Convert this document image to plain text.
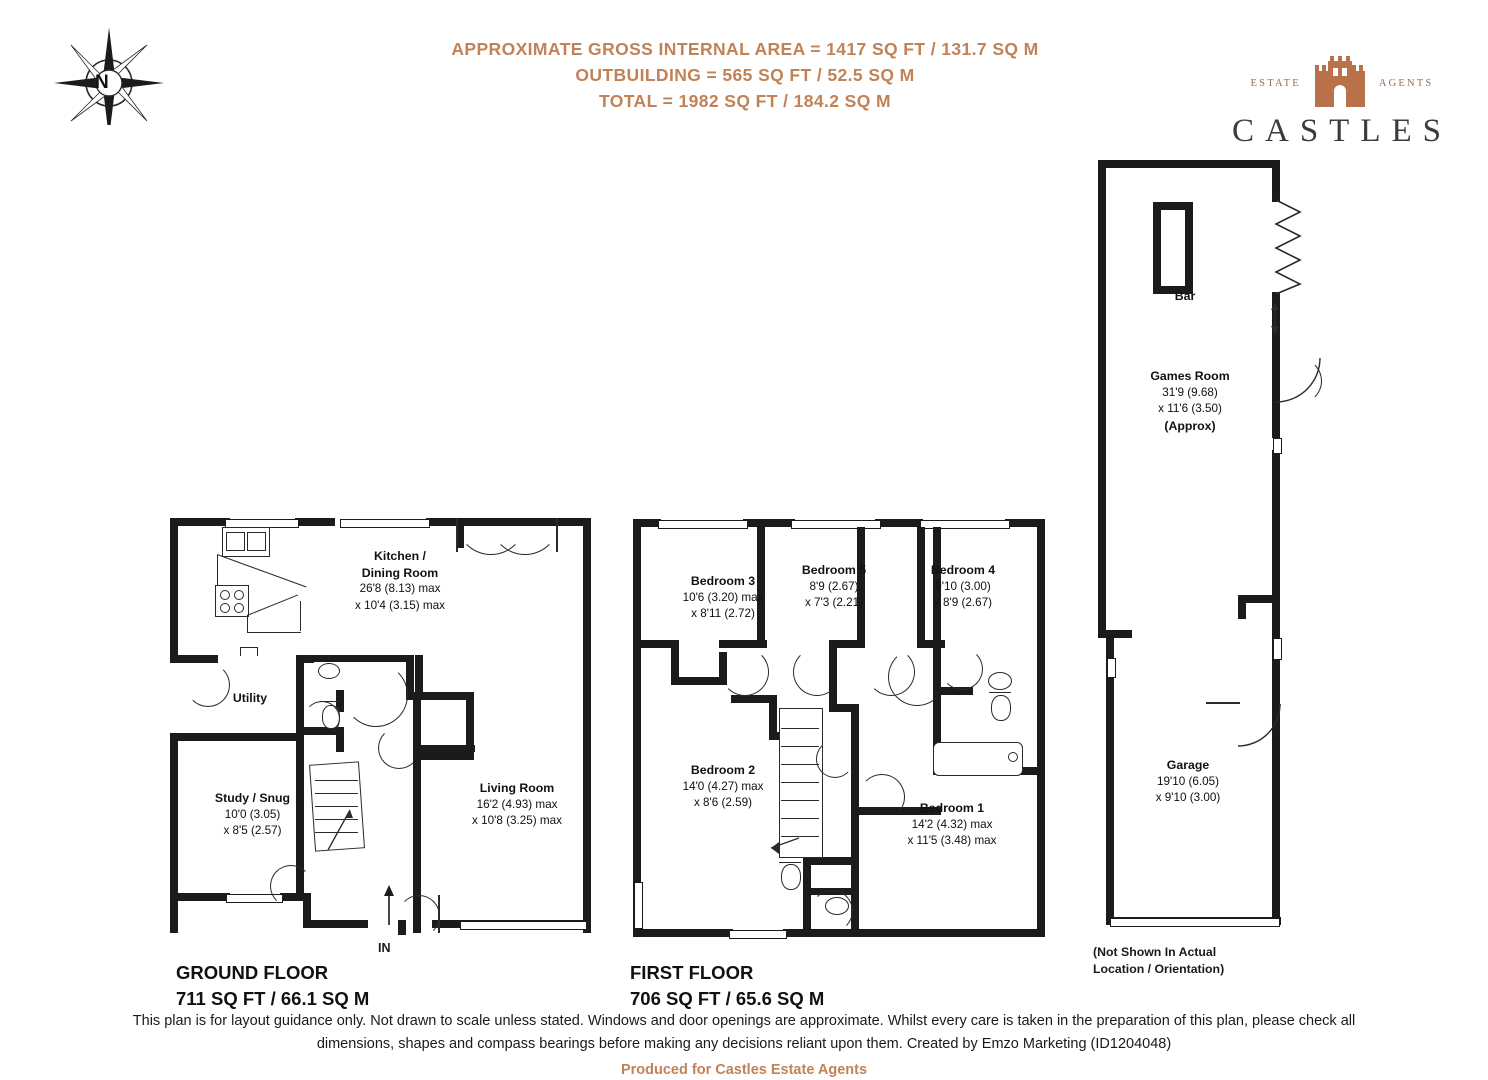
APPROXIMATE GROSS INTERNAL AREA = 1417 SQ FT / 131.7 SQ M
OUTBUILDING = 565 SQ FT / 52.5 SQ M
TOTAL = 1982 SQ FT / 184.2 SQ M
N	ESTATE	AGENTS
CASTLES
IN
Kitchen /
Dining Room
26'8 (8.13) max
x 10'4 (3.15) max
Utility
Study / Snug
10'0 (3.05)
x 8'5 (2.57)
Living Room
16'2 (4.93) max
x 10'8 (3.25) max
GROUND FLOOR
711 SQ FT / 66.1 SQ M
Bedroom 3
10'6 (3.20) max
x 8'11 (2.72)
Bedroom 5
8'9 (2.67)
x 7'3 (2.21)
Bedroom 4
9'10 (3.00)
x 8'9 (2.67)
Bedroom 2
14'0 (4.27) max
x 8'6 (2.59)	Bedroom 1
14'2 (4.32) max
x 11'5 (3.48) max
FIRST FLOOR
706 SQ FT / 65.6 SQ M
Bar
Games Room
31'9 (9.68)
x 11'6 (3.50)
(Approx)
Garage
19'10 (6.05)
x 9'10 (3.00)
(Not Shown In Actual
Location / Orientation)
This plan is for layout guidance only. Not drawn to scale unless stated. Windows and door openings are approximate. Whilst every care is taken in the preparation of this plan, please check all dimensions, shapes and compass bearings before making any decisions reliant upon them. Created by Emzo Marketing (ID1204048)
Produced for Castles Estate Agents
